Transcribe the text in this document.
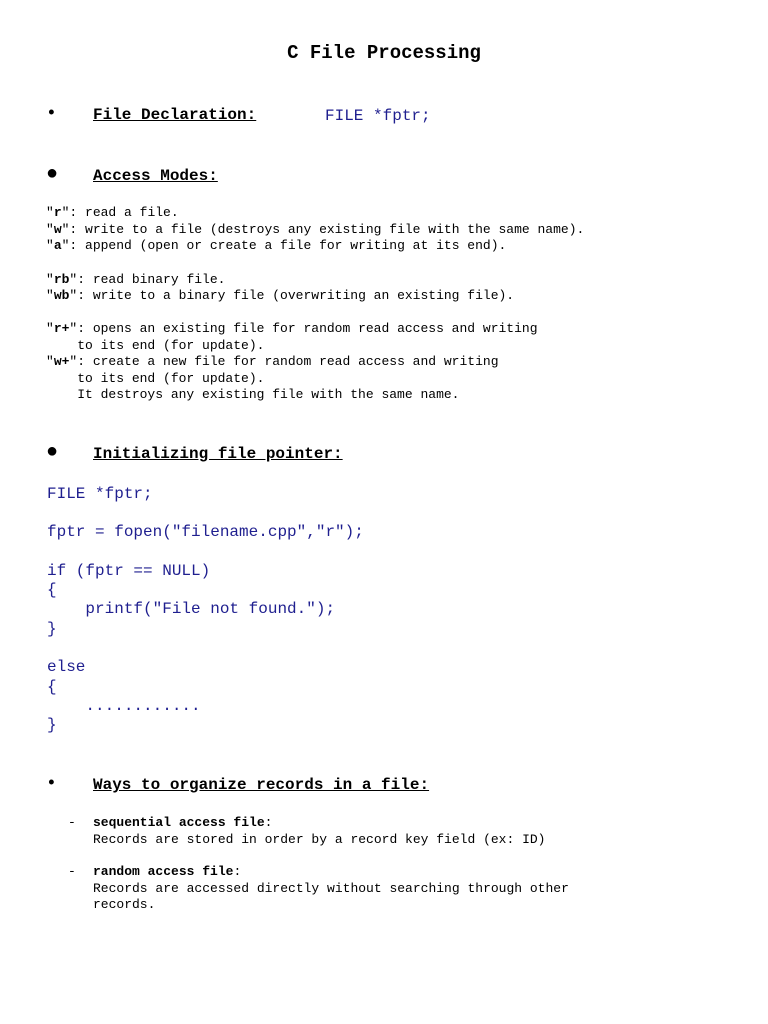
C File Processing
• File Declaration:	FILE *fptr;
● Access Modes:
"r": read a file.
"w": write to a file (destroys any existing file with the same name).
"a": append (open or create a file for writing at its end).
"rb": read binary file.
"wb": write to a binary file (overwriting an existing file).
"r+": opens an existing file for random read access and writing
to its end (for update).
"w+": create a new file for random read access and writing
to its end (for update).
It destroys any existing file with the same name.
● Initializing file pointer:
FILE *fptr;
fptr = fopen("filename.cpp","r");
if (fptr == NULL)
{
printf("File not found.");
}
else
{
............
}
• Ways to organize records in a file:
- sequential access file:
Records are stored in order by a record key field (ex: ID)
- random access file:
Records are accessed directly without searching through other
records.
